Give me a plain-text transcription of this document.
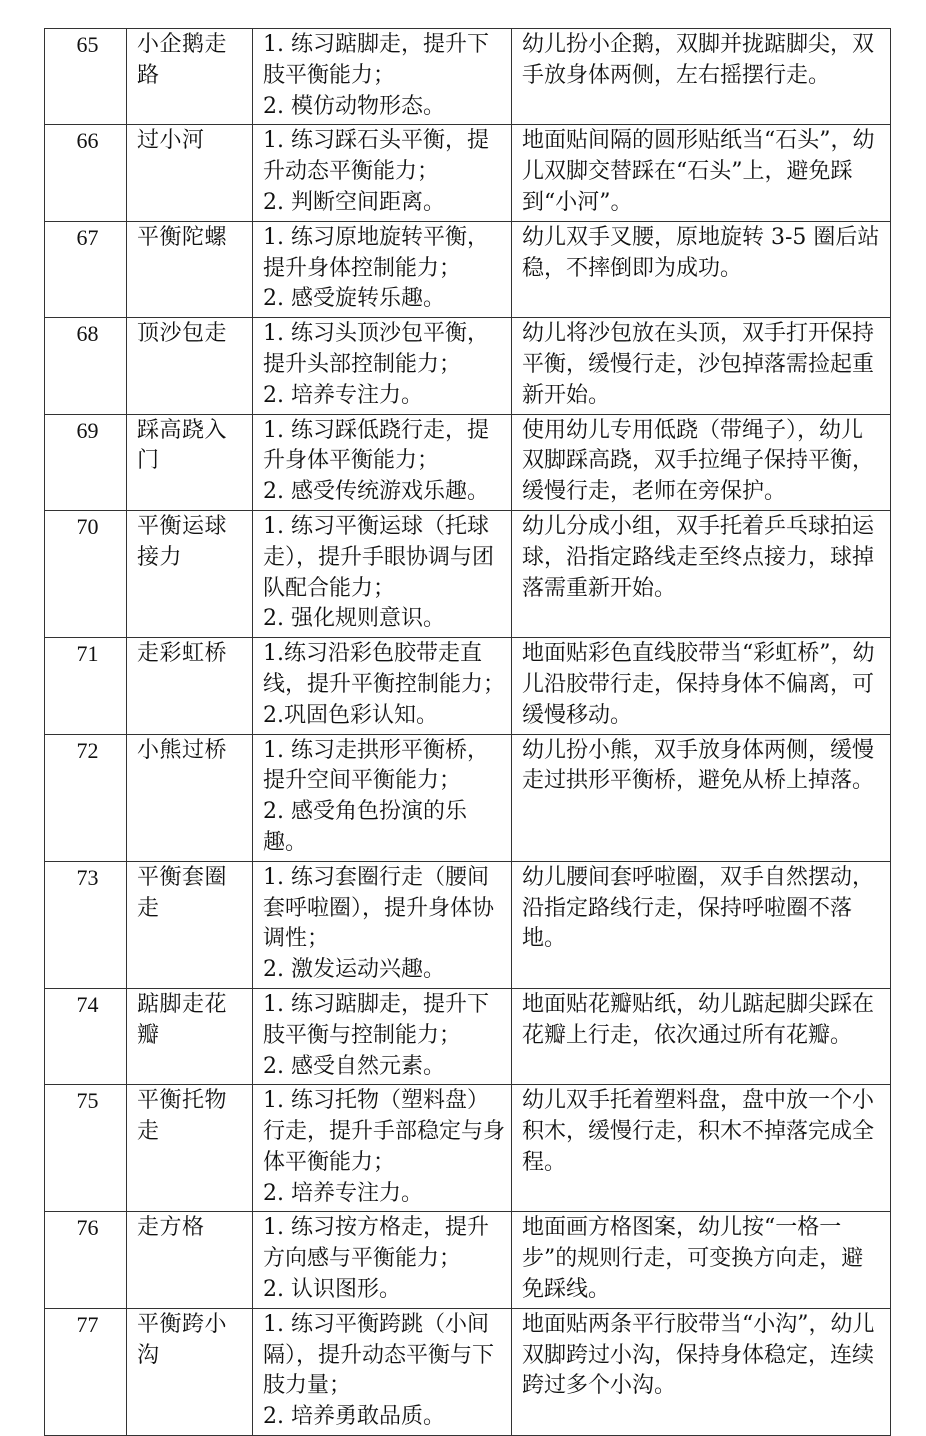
65	小企鹅走路	1. 练习踮脚走，提升下肢平衡能力；
2. 模仿动物形态。	幼儿扮小企鹅，双脚并拢踮脚尖，双手放身体两侧，左右摇摆行走。
66	过小河	1. 练习踩石头平衡，提升动态平衡能力；
2. 判断空间距离。	地面贴间隔的圆形贴纸当“石头”，幼儿双脚交替踩在“石头”上，避免踩到“小河”。
67	平衡陀螺	1. 练习原地旋转平衡，提升身体控制能力；
2. 感受旋转乐趣。	幼儿双手叉腰，原地旋转 3-5 圈后站稳，不摔倒即为成功。
68	顶沙包走	1. 练习头顶沙包平衡，提升头部控制能力；
2. 培养专注力。	幼儿将沙包放在头顶，双手打开保持平衡，缓慢行走，沙包掉落需捡起重新开始。
69	踩高跷入门	1. 练习踩低跷行走，提升身体平衡能力；
2. 感受传统游戏乐趣。	使用幼儿专用低跷（带绳子），幼儿双脚踩高跷，双手拉绳子保持平衡，缓慢行走，老师在旁保护。
70	平衡运球接力	1. 练习平衡运球（托球走），提升手眼协调与团队配合能力；
2. 强化规则意识。	幼儿分成小组，双手托着乒乓球拍运球，沿指定路线走至终点接力，球掉落需重新开始。
71	走彩虹桥	1.练习沿彩色胶带走直线，提升平衡控制能力；
2.巩固色彩认知。	地面贴彩色直线胶带当“彩虹桥”，幼儿沿胶带行走，保持身体不偏离，可缓慢移动。
72	小熊过桥	1. 练习走拱形平衡桥，提升空间平衡能力；
2. 感受角色扮演的乐趣。	幼儿扮小熊，双手放身体两侧，缓慢走过拱形平衡桥，避免从桥上掉落。
73	平衡套圈走	1. 练习套圈行走（腰间套呼啦圈），提升身体协调性；
2. 激发运动兴趣。	幼儿腰间套呼啦圈，双手自然摆动，沿指定路线行走，保持呼啦圈不落地。
74	踮脚走花瓣	1. 练习踮脚走，提升下肢平衡与控制能力；
2. 感受自然元素。	地面贴花瓣贴纸，幼儿踮起脚尖踩在花瓣上行走，依次通过所有花瓣。
75	平衡托物走	1. 练习托物（塑料盘）行走，提升手部稳定与身体平衡能力；
2. 培养专注力。	幼儿双手托着塑料盘，盘中放一个小积木，缓慢行走，积木不掉落完成全程。
76	走方格	1. 练习按方格走，提升方向感与平衡能力；
2. 认识图形。	地面画方格图案，幼儿按“一格一步”的规则行走，可变换方向走，避免踩线。
77	平衡跨小沟	1. 练习平衡跨跳（小间隔），提升动态平衡与下肢力量；
2. 培养勇敢品质。	地面贴两条平行胶带当“小沟”，幼儿双脚跨过小沟，保持身体稳定，连续跨过多个小沟。
